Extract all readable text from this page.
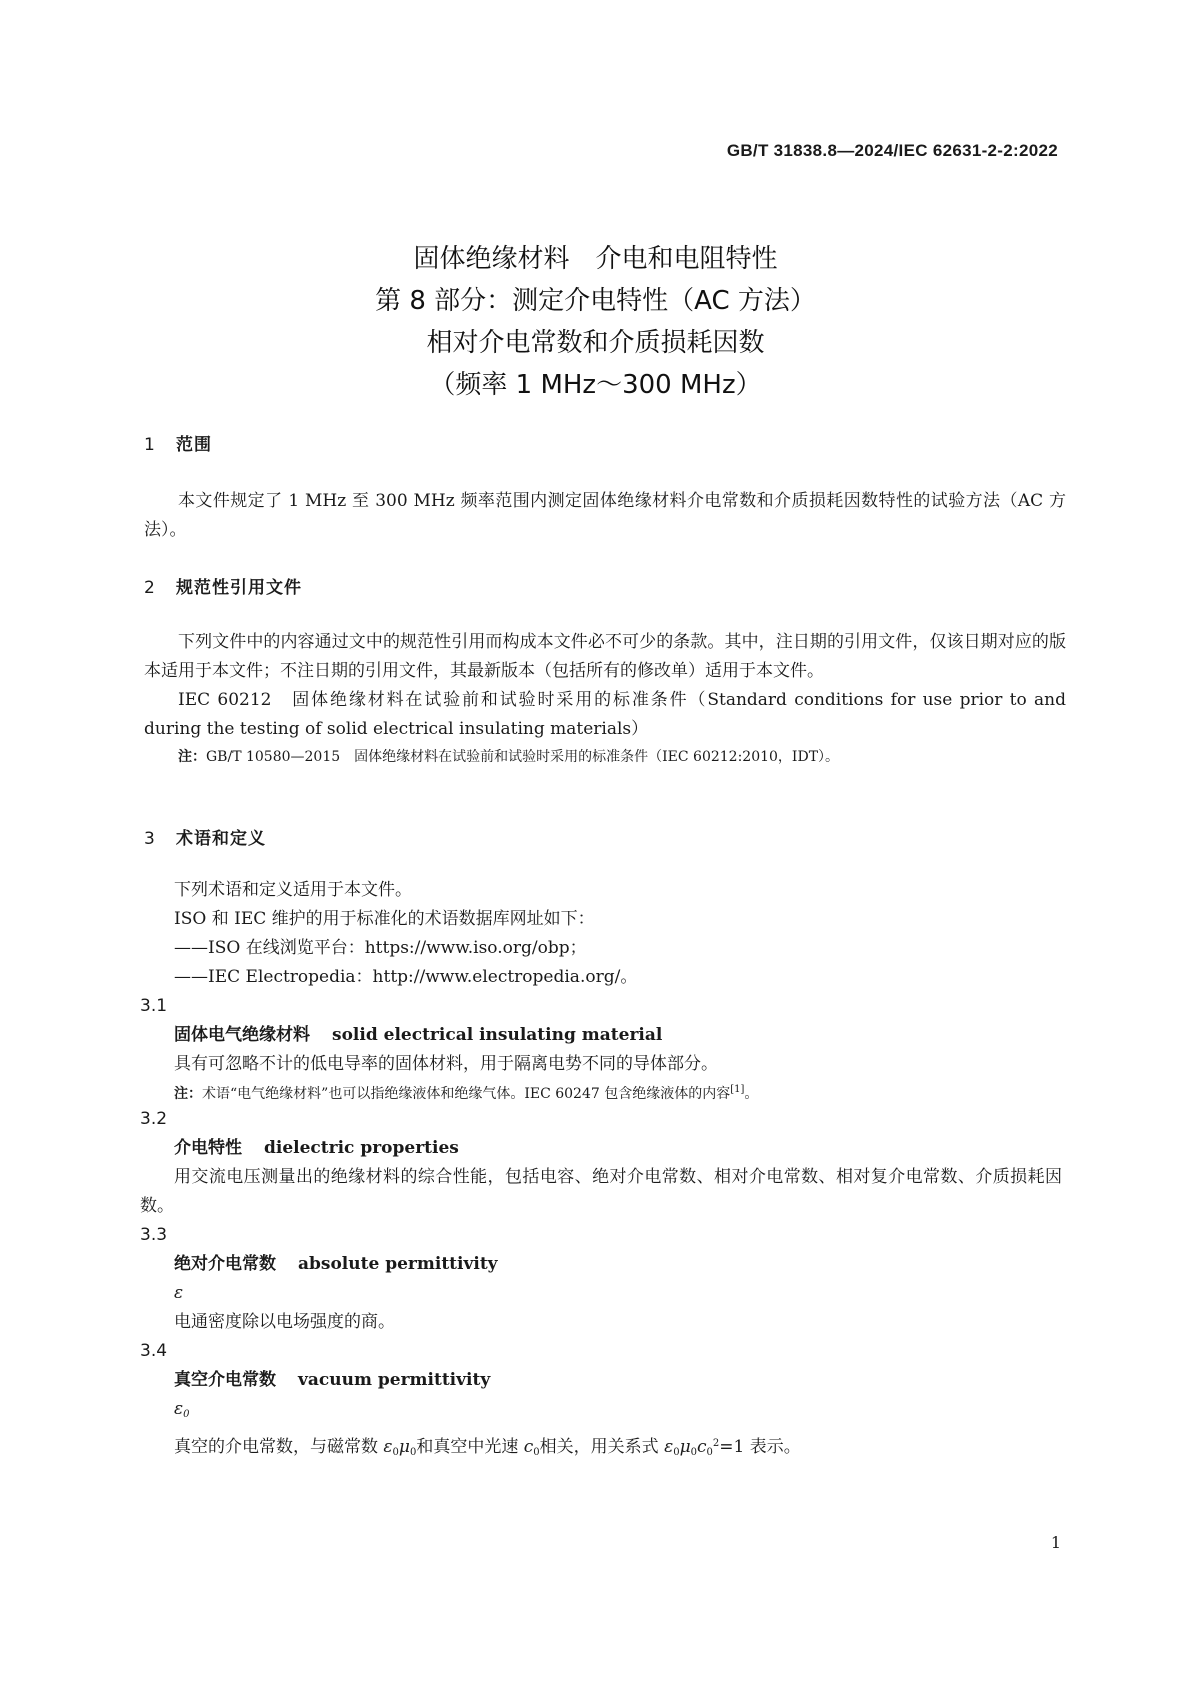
GB/T 31838.8—2024/IEC 62631-2-2:2022
固体绝缘材料　介电和电阻特性
第 8 部分：测定介电特性（AC 方法）
相对介电常数和介质损耗因数
（频率 1 MHz～300 MHz）
1 范围

本文件规定了 1 MHz 至 300 MHz 频率范围内测定固体绝缘材料介电常数和介质损耗因数特性的试验方法（AC 方法）。

2 规范性引用文件

下列文件中的内容通过文中的规范性引用而构成本文件必不可少的条款。其中，注日期的引用文件，仅该日期对应的版本适用于本文件；不注日期的引用文件，其最新版本（包括所有的修改单）适用于本文件。

IEC 60212　固体绝缘材料在试验前和试验时采用的标准条件（Standard conditions for use prior to and during the testing of solid electrical insulating materials）

注：GB/T 10580—2015　固体绝缘材料在试验前和试验时采用的标准条件（IEC 60212:2010，IDT）。
3 术语和定义
下列术语和定义适用于本文件。
ISO 和 IEC 维护的用于标准化的术语数据库网址如下：
——ISO 在线浏览平台：https://www.iso.org/obp；
——IEC Electropedia：http://www.electropedia.org/。
3.1
固体电气绝缘材料 solid electrical insulating material
具有可忽略不计的低电导率的固体材料，用于隔离电势不同的导体部分。
注：术语“电气绝缘材料”也可以指绝缘液体和绝缘气体。IEC 60247 包含绝缘液体的内容[1]。
3.2
介电特性 dielectric properties

用交流电压测量出的绝缘材料的综合性能，包括电容、绝对介电常数、相对介电常数、相对复介电常数、介质损耗因数。

3.3
绝对介电常数 absolute permittivity
ε
电通密度除以电场强度的商。
3.4
真空介电常数 vacuum permittivity
$\varepsilon_0$
真空的介电常数，与磁常数 $\varepsilon_0\mu_0$和真空中光速 $c_0$相关，用关系式 $\varepsilon_0\mu_0c_0^2=1$ 表示。
1
